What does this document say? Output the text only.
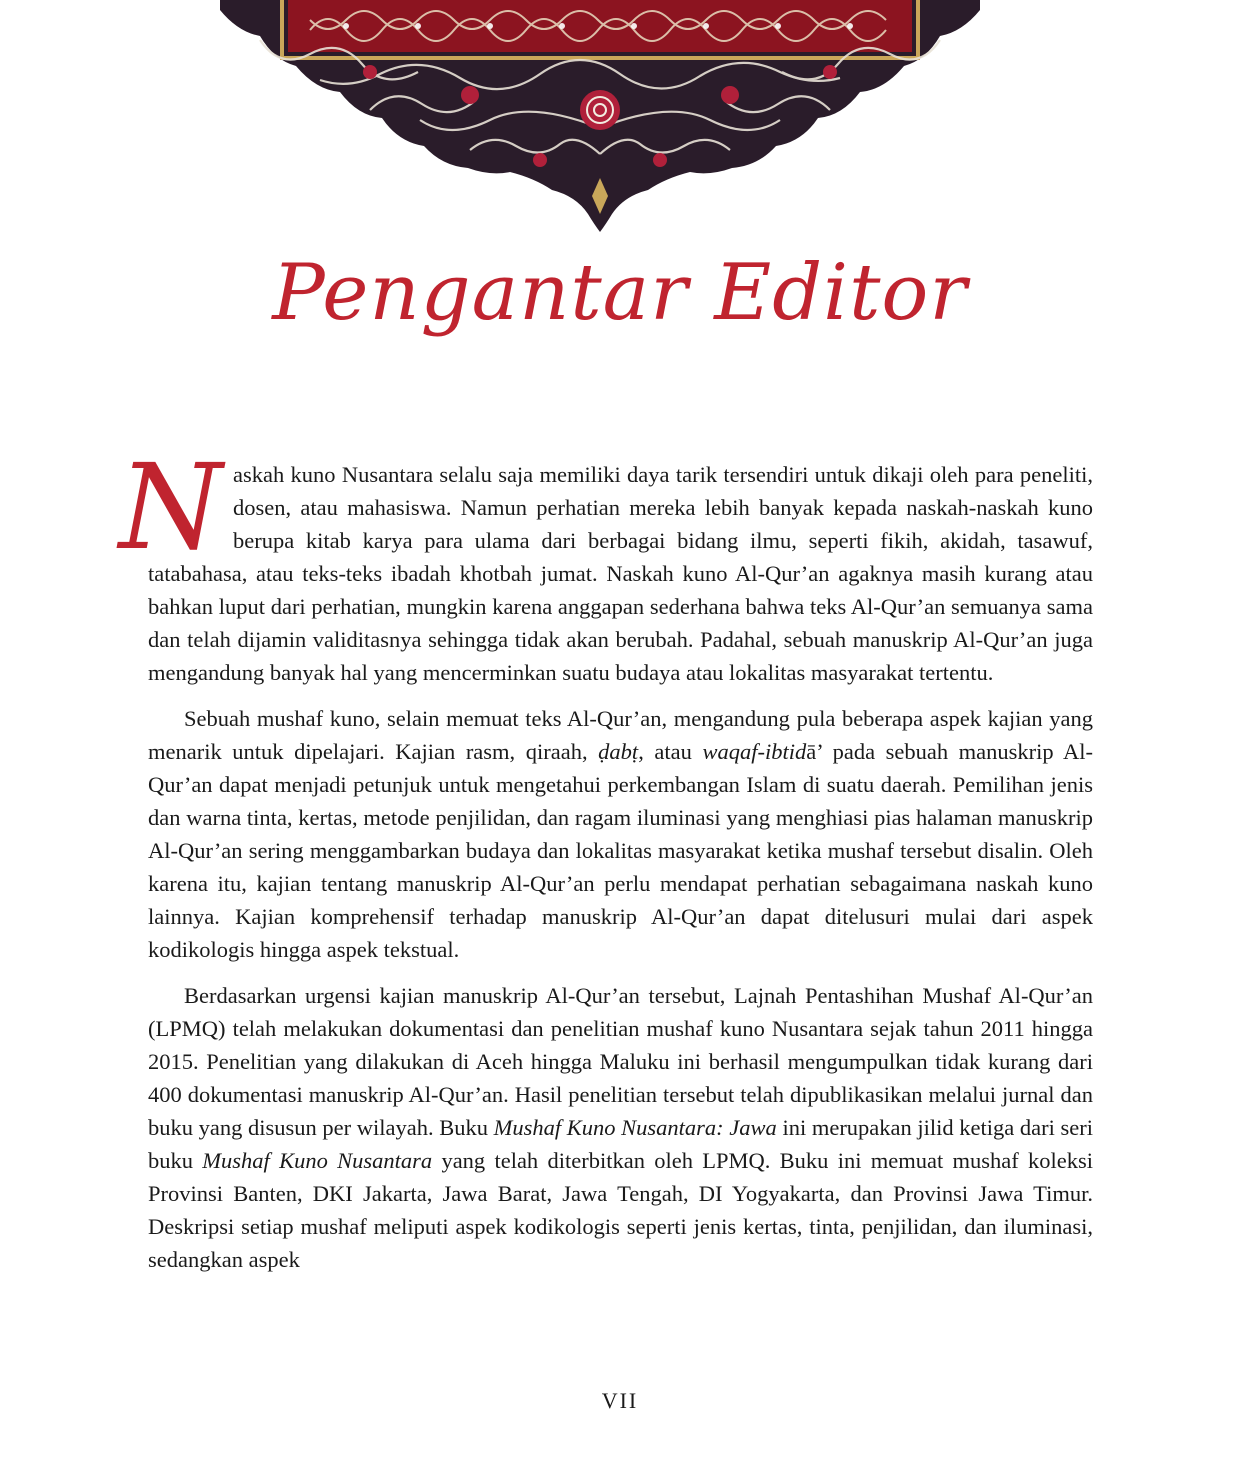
Pengantar Editor

Naskah kuno Nusantara selalu saja memiliki daya tarik tersendiri untuk dikaji oleh para peneliti, dosen, atau mahasiswa. Namun perhatian mereka lebih banyak kepada naskah-naskah kuno berupa kitab karya para ulama dari berbagai bidang ilmu, seperti fikih, akidah, tasawuf, tatabahasa, atau teks-teks ibadah khotbah jumat. Naskah kuno Al-Qur’an agaknya masih kurang atau bahkan luput dari perhatian, mungkin karena anggapan sederhana bahwa teks Al-Qur’an semuanya sama dan telah dijamin validitasnya sehingga tidak akan berubah. Padahal, sebuah manuskrip Al-Qur’an juga mengandung banyak hal yang mencerminkan suatu budaya atau lokalitas masyarakat tertentu.

Sebuah mushaf kuno, selain memuat teks Al-Qur’an, mengandung pula beberapa aspek kajian yang menarik untuk dipelajari. Kajian rasm, qiraah, ḍabṭ, atau waqaf-ibtidā’ pada sebuah manuskrip Al-Qur’an dapat menjadi petunjuk untuk mengetahui perkembangan Islam di suatu daerah. Pemilihan jenis dan warna tinta, kertas, metode penjilidan, dan ragam iluminasi yang menghiasi pias halaman manuskrip Al-Qur’an sering menggambarkan budaya dan lokalitas masyarakat ketika mushaf tersebut disalin. Oleh karena itu, kajian tentang manuskrip Al-Qur’an perlu mendapat perhatian sebagaimana naskah kuno lainnya. Kajian komprehensif terhadap manuskrip Al-Qur’an dapat ditelusuri mulai dari aspek kodikologis hingga aspek tekstual.

Berdasarkan urgensi kajian manuskrip Al-Qur’an tersebut, Lajnah Pentashihan Mushaf Al-Qur’an (LPMQ) telah melakukan dokumentasi dan penelitian mushaf kuno Nusantara sejak tahun 2011 hingga 2015. Penelitian yang dilakukan di Aceh hingga Maluku ini berhasil mengumpulkan tidak kurang dari 400 dokumentasi manuskrip Al-Qur’an. Hasil penelitian tersebut telah dipublikasikan melalui jurnal dan buku yang disusun per wilayah. Buku Mushaf Kuno Nusantara: Jawa ini merupakan jilid ketiga dari seri buku Mushaf Kuno Nusantara yang telah diterbitkan oleh LPMQ. Buku ini memuat mushaf koleksi Provinsi Banten, DKI Jakarta, Jawa Barat, Jawa Tengah, DI Yogyakarta, dan Provinsi Jawa Timur. Deskripsi setiap mushaf meliputi aspek kodikologis seperti jenis kertas, tinta, penjilidan, dan iluminasi, sedangkan aspek

VII
